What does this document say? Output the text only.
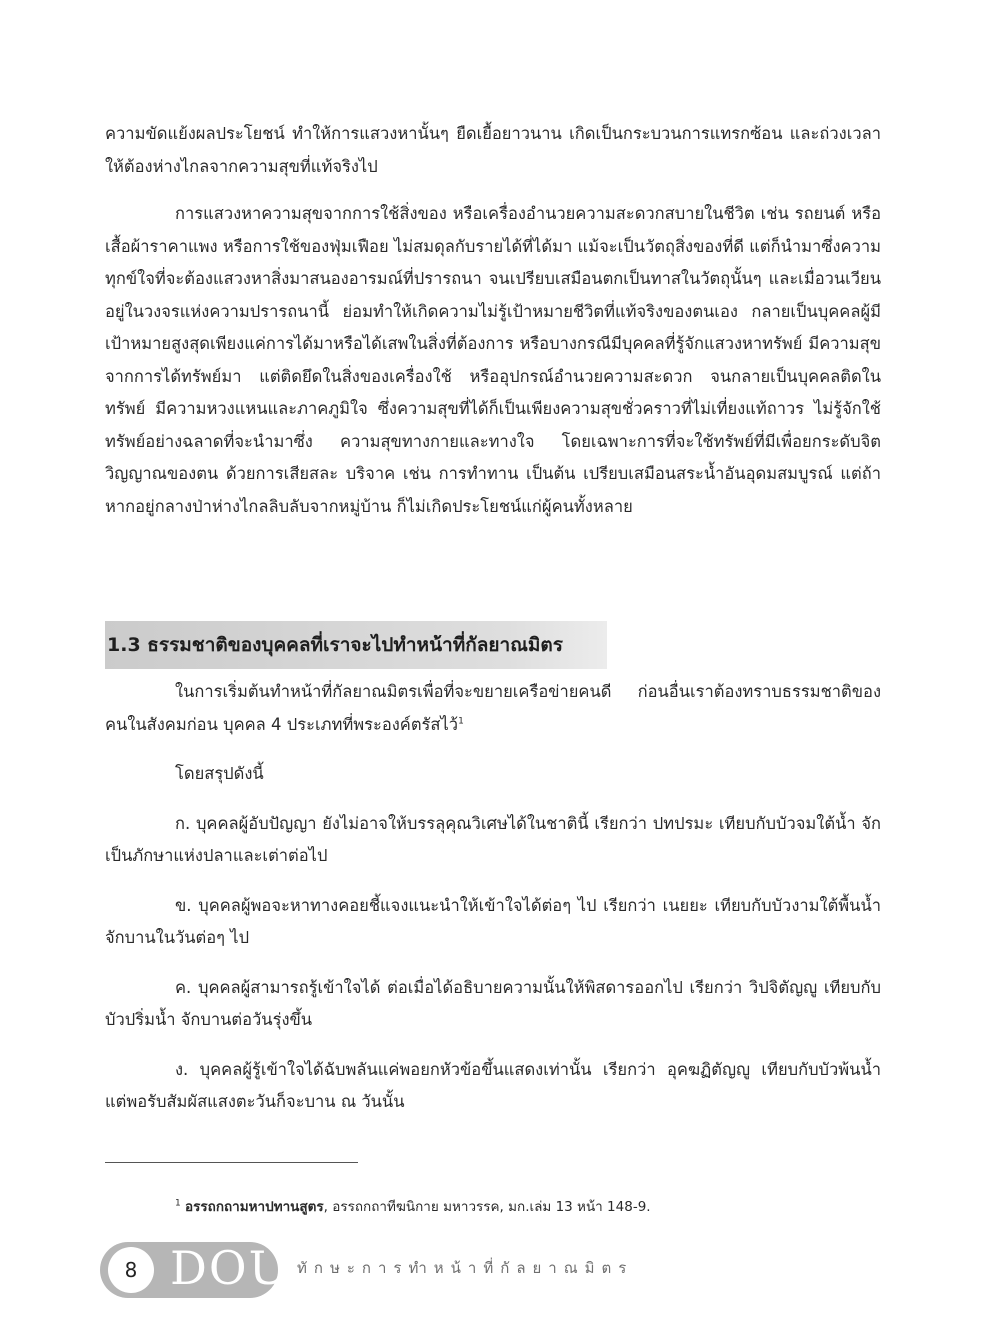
ความขัดแย้งผลประโยชน์ ทำให้การแสวงหานั้นๆ ยืดเยื้อยาวนาน เกิดเป็นกระบวนการแทรกซ้อน และถ่วงเวลาให้ต้องห่างไกลจากความสุขที่แท้จริงไป

การแสวงหาความสุขจากการใช้สิ่งของ หรือเครื่องอำนวยความสะดวกสบายในชีวิต เช่น รถยนต์ หรือเสื้อผ้าราคาแพง หรือการใช้ของฟุ่มเฟือย ไม่สมดุลกับรายได้ที่ได้มา แม้จะเป็นวัตถุสิ่งของที่ดี แต่ก็นำมาซึ่งความทุกข์ใจที่จะต้องแสวงหาสิ่งมาสนองอารมณ์ที่ปรารถนา จนเปรียบเสมือนตกเป็นทาสในวัตถุนั้นๆ และเมื่อวนเวียนอยู่ในวงจรแห่งความปรารถนานี้ ย่อมทำให้เกิดความไม่รู้เป้าหมายชีวิตที่แท้จริงของตนเอง กลายเป็นบุคคลผู้มีเป้าหมายสูงสุดเพียงแค่การได้มาหรือได้เสพในสิ่งที่ต้องการ หรือบางกรณีมีบุคคลที่รู้จักแสวงหาทรัพย์ มีความสุขจากการได้ทรัพย์มา แต่ติดยึดในสิ่งของเครื่องใช้ หรืออุปกรณ์อำนวยความสะดวก จนกลายเป็นบุคคลติดในทรัพย์ มีความหวงแหนและภาคภูมิใจ ซึ่งความสุขที่ได้ก็เป็นเพียงความสุขชั่วคราวที่ไม่เที่ยงแท้ถาวร ไม่รู้จักใช้ทรัพย์อย่างฉลาดที่จะนำมาซึ่ง ความสุขทางกายและทางใจ โดยเฉพาะการที่จะใช้ทรัพย์ที่มีเพื่อยกระดับจิตวิญญาณของตน ด้วยการเสียสละ บริจาค เช่น การทำทาน เป็นต้น เปรียบเสมือนสระน้ำอันอุดมสมบูรณ์ แต่ถ้าหากอยู่กลางป่าห่างไกลลิบลับจากหมู่บ้าน ก็ไม่เกิดประโยชน์แก่ผู้คนทั้งหลาย

1.3 ธรรมชาติของบุคคลที่เราจะไปทำหน้าที่กัลยาณมิตร

ในการเริ่มต้นทำหน้าที่กัลยาณมิตรเพื่อที่จะขยายเครือข่ายคนดี ก่อนอื่นเราต้องทราบธรรมชาติของคนในสังคมก่อน บุคคล 4 ประเภทที่พระองค์ตรัสไว้$^1$

โดยสรุปดังนี้

ก. บุคคลผู้อับปัญญา ยังไม่อาจให้บรรลุคุณวิเศษได้ในชาตินี้ เรียกว่า ปทปรมะ เทียบกับบัวจมใต้น้ำ จักเป็นภักษาแห่งปลาและเต่าต่อไป

ข. บุคคลผู้พอจะหาทางคอยชี้แจงแนะนำให้เข้าใจได้ต่อๆ ไป เรียกว่า เนยยะ เทียบกับบัวงามใต้พื้นน้ำจักบานในวันต่อๆ ไป

ค. บุคคลผู้สามารถรู้เข้าใจได้ ต่อเมื่อได้อธิบายความนั้นให้พิสดารออกไป เรียกว่า วิปจิตัญญู เทียบกับบัวปริ่มน้ำ จักบานต่อวันรุ่งขึ้น

ง. บุคคลผู้รู้เข้าใจได้ฉับพลันแค่พอยกหัวข้อขึ้นแสดงเท่านั้น เรียกว่า อุคฆฏิตัญญู เทียบกับบัวพ้นน้ำ แต่พอรับสัมผัสแสงตะวันก็จะบาน ณ วันนั้น

$^1$ อรรถกถามหาปทานสูตร, อรรถกถาทีฆนิกาย มหาวรรค, มก.เล่ม 13 หน้า 148-9.

8 DOU ทักษะการทำหน้าที่กัลยาณมิตร
